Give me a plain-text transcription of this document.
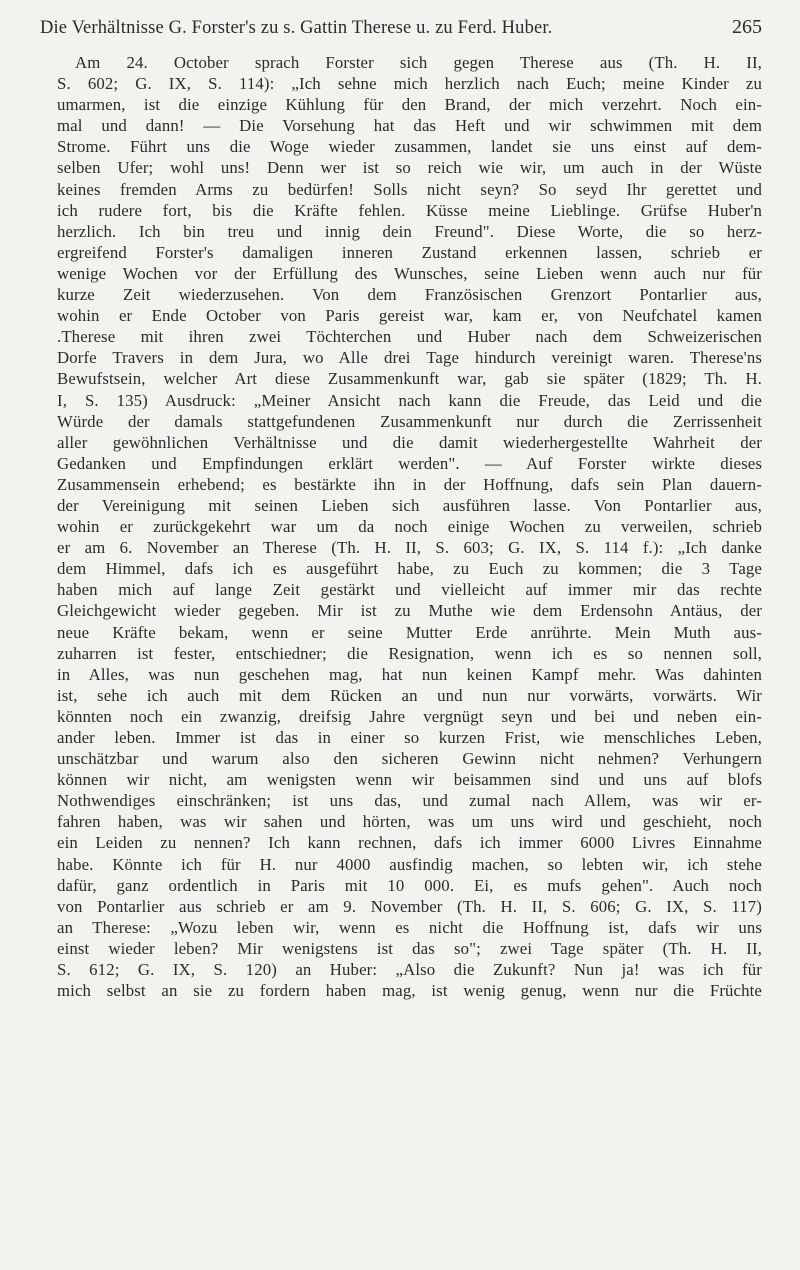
Die Verhältnisse G. Forster's zu s. Gattin Therese u. zu Ferd. Huber.	265
Am 24. October sprach Forster sich gegen Therese aus (Th. H. II,
S. 602; G. IX, S. 114): „Ich sehne mich herzlich nach Euch; meine Kinder zu
umarmen, ist die einzige Kühlung für den Brand, der mich verzehrt. Noch ein-
mal und dann! — Die Vorsehung hat das Heft und wir schwimmen mit dem
Strome. Führt uns die Woge wieder zusammen, landet sie uns einst auf dem-
selben Ufer; wohl uns! Denn wer ist so reich wie wir, um auch in der Wüste
keines fremden Arms zu bedürfen! Solls nicht seyn? So seyd Ihr gerettet und
ich rudere fort, bis die Kräfte fehlen. Küsse meine Lieblinge. Grüfse Huber'n
herzlich. Ich bin treu und innig dein Freund". Diese Worte, die so herz-
ergreifend Forster's damaligen inneren Zustand erkennen lassen, schrieb er
wenige Wochen vor der Erfüllung des Wunsches, seine Lieben wenn auch nur für
kurze Zeit wiederzusehen. Von dem Französischen Grenzort Pontarlier aus,
wohin er Ende October von Paris gereist war, kam er, von Neufchatel kamen
.Therese mit ihren zwei Töchterchen und Huber nach dem Schweizerischen
Dorfe Travers in dem Jura, wo Alle drei Tage hindurch vereinigt waren. Therese'ns
Bewufstsein, welcher Art diese Zusammenkunft war, gab sie später (1829; Th. H.
I, S. 135) Ausdruck: „Meiner Ansicht nach kann die Freude, das Leid und die
Würde der damals stattgefundenen Zusammenkunft nur durch die Zerrissenheit
aller gewöhnlichen Verhältnisse und die damit wiederhergestellte Wahrheit der
Gedanken und Empfindungen erklärt werden". — Auf Forster wirkte dieses
Zusammensein erhebend; es bestärkte ihn in der Hoffnung, dafs sein Plan dauern-
der Vereinigung mit seinen Lieben sich ausführen lasse. Von Pontarlier aus,
wohin er zurückgekehrt war um da noch einige Wochen zu verweilen, schrieb
er am 6. November an Therese (Th. H. II, S. 603; G. IX, S. 114 f.): „Ich danke
dem Himmel, dafs ich es ausgeführt habe, zu Euch zu kommen; die 3 Tage
haben mich auf lange Zeit gestärkt und vielleicht auf immer mir das rechte
Gleichgewicht wieder gegeben. Mir ist zu Muthe wie dem Erdensohn Antäus, der
neue Kräfte bekam, wenn er seine Mutter Erde anrührte. Mein Muth aus-
zuharren ist fester, entschiedner; die Resignation, wenn ich es so nennen soll,
in Alles, was nun geschehen mag, hat nun keinen Kampf mehr. Was dahinten
ist, sehe ich auch mit dem Rücken an und nun nur vorwärts, vorwärts. Wir
könnten noch ein zwanzig, dreifsig Jahre vergnügt seyn und bei und neben ein-
ander leben. Immer ist das in einer so kurzen Frist, wie menschliches Leben,
unschätzbar und warum also den sicheren Gewinn nicht nehmen? Verhungern
können wir nicht, am wenigsten wenn wir beisammen sind und uns auf blofs
Nothwendiges einschränken; ist uns das, und zumal nach Allem, was wir er-
fahren haben, was wir sahen und hörten, was um uns wird und geschieht, noch
ein Leiden zu nennen? Ich kann rechnen, dafs ich immer 6000 Livres Einnahme
habe. Könnte ich für H. nur 4000 ausfindig machen, so lebten wir, ich stehe
dafür, ganz ordentlich in Paris mit 10 000. Ei, es mufs gehen". Auch noch
von Pontarlier aus schrieb er am 9. November (Th. H. II, S. 606; G. IX, S. 117)
an Therese: „Wozu leben wir, wenn es nicht die Hoffnung ist, dafs wir uns
einst wieder leben? Mir wenigstens ist das so"; zwei Tage später (Th. H. II,
S. 612; G. IX, S. 120) an Huber: „Also die Zukunft? Nun ja! was ich für
mich selbst an sie zu fordern haben mag, ist wenig genug, wenn nur die Früchte
